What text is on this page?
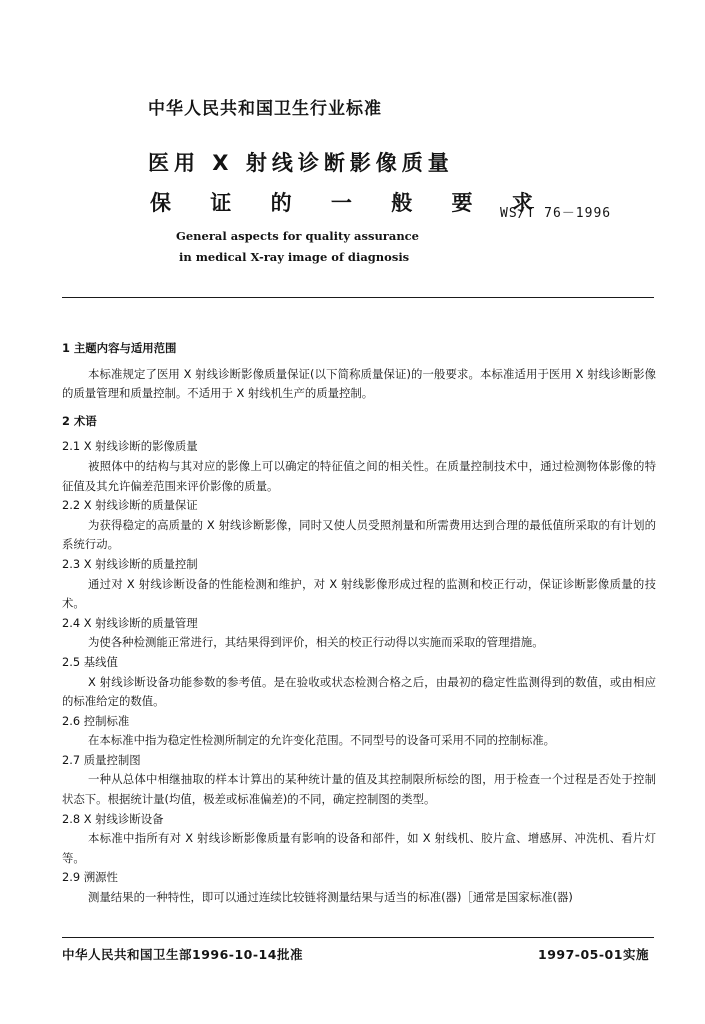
中华人民共和国卫生行业标准
医用 X 射线诊断影像质量
保 证 的 一 般 要 求
WS/T 76－1996
General aspects for quality assurance
in medical X-ray image of diagnosis

1 主题内容与适用范围

本标准规定了医用 X 射线诊断影像质量保证(以下简称质量保证)的一般要求。本标准适用于医用 X 射线诊断影像的质量管理和质量控制。不适用于 X 射线机生产的质量控制。

2 术语

2.1 X 射线诊断的影像质量

被照体中的结构与其对应的影像上可以确定的特征值之间的相关性。在质量控制技术中，通过检测物体影像的特征值及其允许偏差范围来评价影像的质量。

2.2 X 射线诊断的质量保证

为获得稳定的高质量的 X 射线诊断影像，同时又使人员受照剂量和所需费用达到合理的最低值所采取的有计划的系统行动。

2.3 X 射线诊断的质量控制

通过对 X 射线诊断设备的性能检测和维护，对 X 射线影像形成过程的监测和校正行动，保证诊断影像质量的技术。

2.4 X 射线诊断的质量管理

为使各种检测能正常进行，其结果得到评价，相关的校正行动得以实施而采取的管理措施。

2.5 基线值

X 射线诊断设备功能参数的参考值。是在验收或状态检测合格之后，由最初的稳定性监测得到的数值，或由相应的标准给定的数值。

2.6 控制标准

在本标准中指为稳定性检测所制定的允许变化范围。不同型号的设备可采用不同的控制标准。

2.7 质量控制图

一种从总体中相继抽取的样本计算出的某种统计量的值及其控制限所标绘的图，用于检查一个过程是否处于控制状态下。根据统计量(均值，极差或标准偏差)的不同，确定控制图的类型。

2.8 X 射线诊断设备

本标准中指所有对 X 射线诊断影像质量有影响的设备和部件，如 X 射线机、胶片盒、增感屏、冲洗机、看片灯等。

2.9 溯源性

测量结果的一种特性，即可以通过连续比较链将测量结果与适当的标准(器)［通常是国家标准(器)

中华人民共和国卫生部1996-10-14批准	1997-05-01实施
